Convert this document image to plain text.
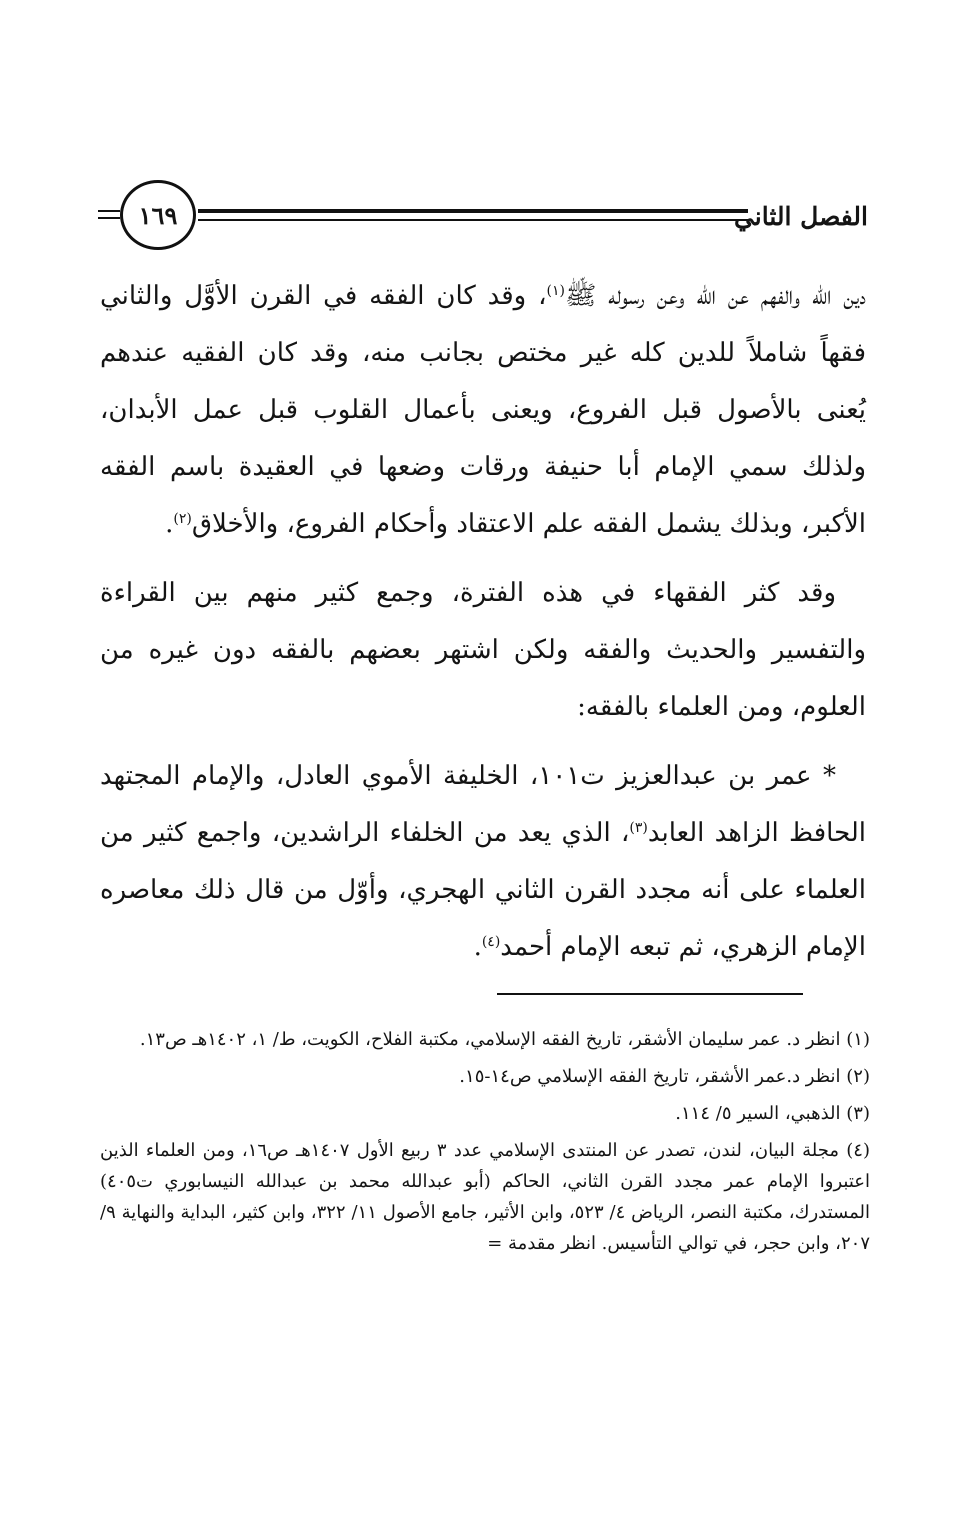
١٦٩	الفصل الثاني

دين الله والفهم عن الله وعن رسوله ﷺ$^{(١)}$، وقد كان الفقه في القرن الأوَّل والثاني فقهاً شاملاً للدين كله غير مختص بجانب منه، وقد كان الفقيه عندهم يُعنى بالأصول قبل الفروع، ويعنى بأعمال القلوب قبل عمل الأبدان، ولذلك سمي الإمام أبا حنيفة ورقات وضعها في العقيدة باسم الفقه الأكبر، وبذلك يشمل الفقه علم الاعتقاد وأحكام الفروع، والأخلاق$^{(٢)}$.

وقد كثر الفقهاء في هذه الفترة، وجمع كثير منهم بين القراءة والتفسير والحديث والفقه ولكن اشتهر بعضهم بالفقه دون غيره من العلوم، ومن العلماء بالفقه:

* عمر بن عبدالعزيز ت١٠١، الخليفة الأموي العادل، والإمام المجتهد الحافظ الزاهد العابد$^{(٣)}$، الذي يعد من الخلفاء الراشدين، واجمع كثير من العلماء على أنه مجدد القرن الثاني الهجري، وأوّل من قال ذلك معاصره الإمام الزهري، ثم تبعه الإمام أحمد$^{(٤)}$.

(١) انظر د. عمر سليمان الأشقر، تاريخ الفقه الإسلامي، مكتبة الفلاح، الكويت، ط/ ١، ١٤٠٢هـ ص١٣.

(٢) انظر د.عمر الأشقر، تاريخ الفقه الإسلامي ص١٤-١٥.

(٣) الذهبي، السير ٥/ ١١٤.

(٤) مجلة البيان، لندن، تصدر عن المنتدى الإسلامي عدد ٣ ربيع الأول ١٤٠٧هـ ص١٦، ومن العلماء الذين اعتبروا الإمام عمر مجدد القرن الثاني، الحاكم (أبو عبدالله محمد بن عبدالله النيسابوري ت٤٠٥) المستدرك، مكتبة النصر، الرياض ٤/ ٥٢٣، وابن الأثير، جامع الأصول ١١/ ٣٢٢، وابن كثير، البداية والنهاية ٩/ ٢٠٧، وابن حجر، في توالي التأسيس. انظر مقدمة =
